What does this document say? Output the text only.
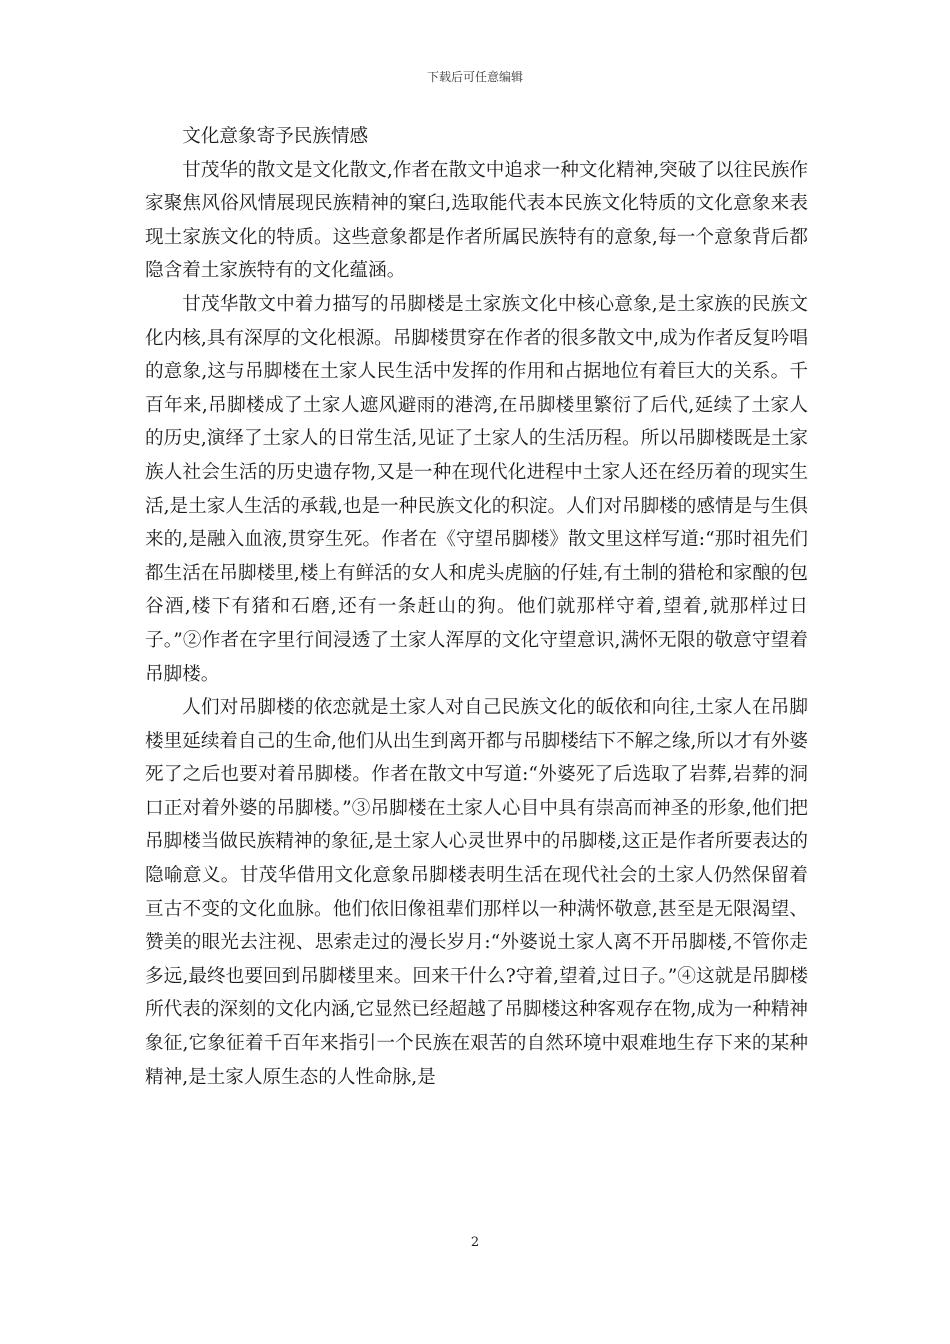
下载后可任意编辑

文化意象寄予民族情感

甘茂华的散文是文化散文,作者在散文中追求一种文化精神,突破了以往民族作家聚焦风俗风情展现民族精神的窠臼,选取能代表本民族文化特质的文化意象来表现土家族文化的特质。这些意象都是作者所属民族特有的意象,每一个意象背后都隐含着土家族特有的文化蕴涵。

甘茂华散文中着力描写的吊脚楼是土家族文化中核心意象,是土家族的民族文化内核,具有深厚的文化根源。吊脚楼贯穿在作者的很多散文中,成为作者反复吟唱的意象,这与吊脚楼在土家人民生活中发挥的作用和占据地位有着巨大的关系。千百年来,吊脚楼成了土家人遮风避雨的港湾,在吊脚楼里繁衍了后代,延续了土家人的历史,演绎了土家人的日常生活,见证了土家人的生活历程。所以吊脚楼既是土家族人社会生活的历史遗存物,又是一种在现代化进程中土家人还在经历着的现实生活,是土家人生活的承载,也是一种民族文化的积淀。人们对吊脚楼的感情是与生俱来的,是融入血液,贯穿生死。作者在《守望吊脚楼》散文里这样写道:“那时祖先们都生活在吊脚楼里,楼上有鲜活的女人和虎头虎脑的仔娃,有土制的猎枪和家酿的包谷酒,楼下有猪和石磨,还有一条赶山的狗。他们就那样守着,望着,就那样过日子。”②作者在字里行间浸透了土家人浑厚的文化守望意识,满怀无限的敬意守望着吊脚楼。

人们对吊脚楼的依恋就是土家人对自己民族文化的皈依和向往,土家人在吊脚楼里延续着自己的生命,他们从出生到离开都与吊脚楼结下不解之缘,所以才有外婆死了之后也要对着吊脚楼。作者在散文中写道:“外婆死了后选取了岩葬,岩葬的洞口正对着外婆的吊脚楼。”③吊脚楼在土家人心目中具有崇高而神圣的形象,他们把吊脚楼当做民族精神的象征,是土家人心灵世界中的吊脚楼,这正是作者所要表达的隐喻意义。甘茂华借用文化意象吊脚楼表明生活在现代社会的土家人仍然保留着亘古不变的文化血脉。他们依旧像祖辈们那样以一种满怀敬意,甚至是无限渴望、赞美的眼光去注视、思索走过的漫长岁月:“外婆说土家人离不开吊脚楼,不管你走多远,最终也要回到吊脚楼里来。回来干什么?守着,望着,过日子。”④这就是吊脚楼所代表的深刻的文化内涵,它显然已经超越了吊脚楼这种客观存在物,成为一种精神象征,它象征着千百年来指引一个民族在艰苦的自然环境中艰难地生存下来的某种精神,是土家人原生态的人性命脉,是

2
